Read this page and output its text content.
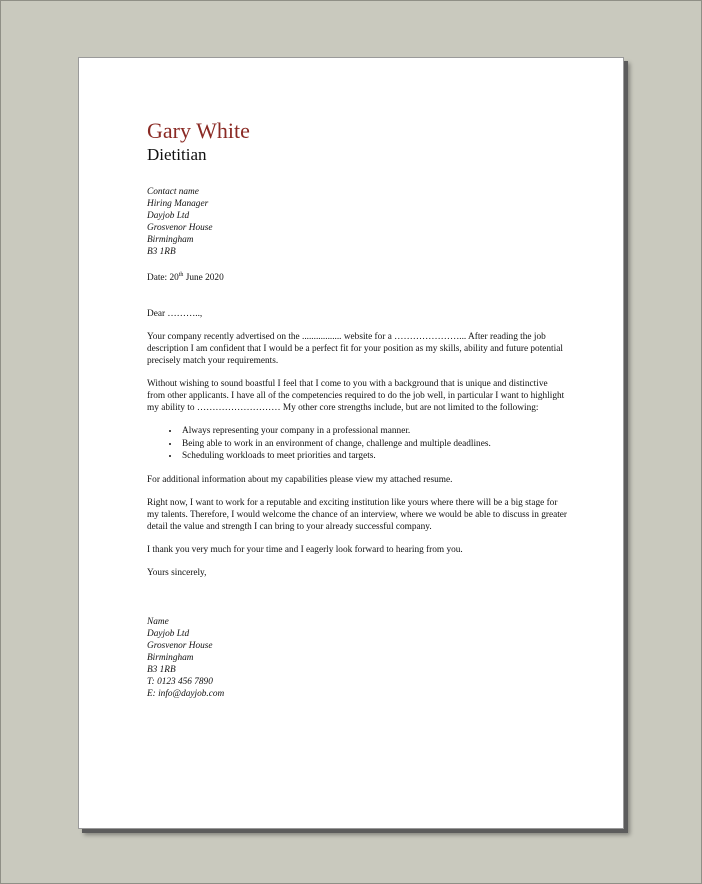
Gary White
Dietitian
Contact name
Hiring Manager
Dayjob Ltd
Grosvenor House
Birmingham
B3 1RB
Date: 20th June 2020
Dear ………..,

Your company recently advertised on the ................. website for a …………………... After reading the job description I am confident that I would be a perfect fit for your position as my skills, ability and future potential precisely match your requirements.

Without wishing to sound boastful I feel that I come to you with a background that is unique and distinctive from other applicants. I have all of the competencies required to do the job well, in particular I want to highlight my ability to ……………………… My other core strengths include, but are not limited to the following:

• Always representing your company in a professional manner.
• Being able to work in an environment of change, challenge and multiple deadlines.
• Scheduling workloads to meet priorities and targets.

For additional information about my capabilities please view my attached resume.

Right now, I want to work for a reputable and exciting institution like yours where there will be a big stage for my talents. Therefore, I would welcome the chance of an interview, where we would be able to discuss in greater detail the value and strength I can bring to your already successful company.

I thank you very much for your time and I eagerly look forward to hearing from you.

Yours sincerely,
Name
Dayjob Ltd
Grosvenor House
Birmingham
B3 1RB
T: 0123 456 7890
E: info@dayjob.com
